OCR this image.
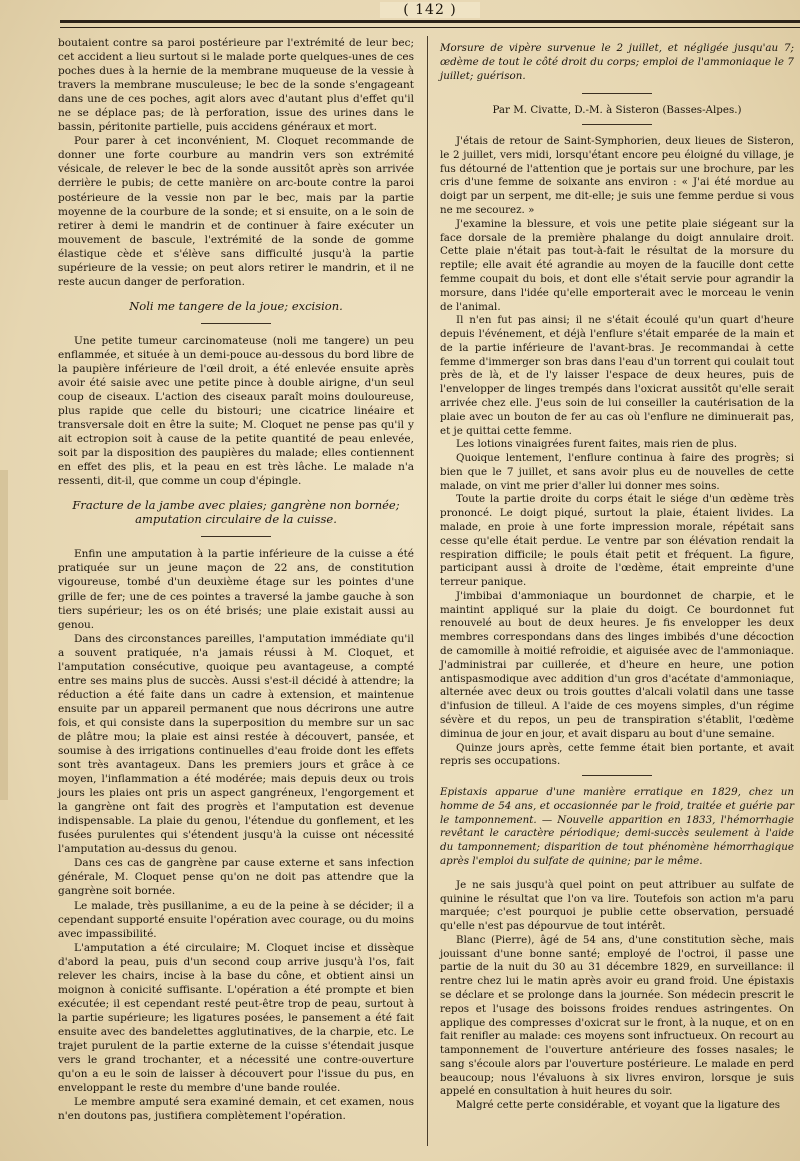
( 142 )

boutaient contre sa paroi postérieure par l'extrémité de leur bec; cet accident a lieu surtout si le malade porte quelques-unes de ces poches dues à la hernie de la membrane muqueuse de la vessie à travers la membrane musculeuse; le bec de la sonde s'engageant dans une de ces poches, agit alors avec d'autant plus d'effet qu'il ne se déplace pas; de là perforation, issue des urines dans le bassin, péritonite partielle, puis accidens généraux et mort.

Pour parer à cet inconvénient, M. Cloquet recommande de donner une forte courbure au mandrin vers son extrémité vésicale, de relever le bec de la sonde aussitôt après son arrivée derrière le pubis; de cette manière on arc-boute contre la paroi postérieure de la vessie non par le bec, mais par la partie moyenne de la courbure de la sonde; et si ensuite, on a le soin de retirer à demi le mandrin et de continuer à faire exécuter un mouvement de bascule, l'extrémité de la sonde de gomme élastique cède et s'élève sans difficulté jusqu'à la partie supérieure de la vessie; on peut alors retirer le mandrin, et il ne reste aucun danger de perforation.

Noli me tangere de la joue; excision.

Une petite tumeur carcinomateuse (noli me tangere) un peu enflammée, et située à un demi-pouce au-dessous du bord libre de la paupière inférieure de l'œil droit, a été enlevée ensuite après avoir été saisie avec une petite pince à double airigne, d'un seul coup de ciseaux. L'action des ciseaux paraît moins douloureuse, plus rapide que celle du bistouri; une cicatrice linéaire et transversale doit en être la suite; M. Cloquet ne pense pas qu'il y ait ectropion soit à cause de la petite quantité de peau enlevée, soit par la disposition des paupières du malade; elles contiennent en effet des plis, et la peau en est très lâche. Le malade n'a ressenti, dit-il, que comme un coup d'épingle.

Fracture de la jambe avec plaies; gangrène non bornée; amputation circulaire de la cuisse.

Enfin une amputation à la partie inférieure de la cuisse a été pratiquée sur un jeune maçon de 22 ans, de constitution vigoureuse, tombé d'un deuxième étage sur les pointes d'une grille de fer; une de ces pointes a traversé la jambe gauche à son tiers supérieur; les os on été brisés; une plaie existait aussi au genou.

Dans des circonstances pareilles, l'amputation immédiate qu'il a souvent pratiquée, n'a jamais réussi à M. Cloquet, et l'amputation consécutive, quoique peu avantageuse, a compté entre ses mains plus de succès. Aussi s'est-il décidé à attendre; la réduction a été faite dans un cadre à extension, et maintenue ensuite par un appareil permanent que nous décrirons une autre fois, et qui consiste dans la superposition du membre sur un sac de plâtre mou; la plaie est ainsi restée à découvert, pansée, et soumise à des irrigations continuelles d'eau froide dont les effets sont très avantageux. Dans les premiers jours et grâce à ce moyen, l'inflammation a été modérée; mais depuis deux ou trois jours les plaies ont pris un aspect gangréneux, l'engorgement et la gangrène ont fait des progrès et l'amputation est devenue indispensable. La plaie du genou, l'étendue du gonflement, et les fusées purulentes qui s'étendent jusqu'à la cuisse ont nécessité l'amputation au-dessus du genou.

Dans ces cas de gangrène par cause externe et sans infection générale, M. Cloquet pense qu'on ne doit pas attendre que la gangrène soit bornée.

Le malade, très pusillanime, a eu de la peine à se décider; il a cependant supporté ensuite l'opération avec courage, ou du moins avec impassibilité.

L'amputation a été circulaire; M. Cloquet incise et dissèque d'abord la peau, puis d'un second coup arrive jusqu'à l'os, fait relever les chairs, incise à la base du cône, et obtient ainsi un moignon à conicité suffisante. L'opération a été prompte et bien exécutée; il est cependant resté peut-être trop de peau, surtout à la partie supérieure; les ligatures posées, le pansement a été fait ensuite avec des bandelettes agglutinatives, de la charpie, etc. Le trajet purulent de la partie externe de la cuisse s'étendait jusque vers le grand trochanter, et a nécessité une contre-ouverture qu'on a eu le soin de laisser à découvert pour l'issue du pus, en enveloppant le reste du membre d'une bande roulée.

Le membre amputé sera examiné demain, et cet examen, nous n'en doutons pas, justifiera complètement l'opération.

Morsure de vipère survenue le 2 juillet, et négligée jusqu'au 7; œdème de tout le côté droit du corps; emploi de l'ammoniaque le 7 juillet; guérison.

Par M. Civatte, D.-M. à Sisteron (Basses-Alpes.)

J'étais de retour de Saint-Symphorien, deux lieues de Sisteron, le 2 juillet, vers midi, lorsqu'étant encore peu éloigné du village, je fus détourné de l'attention que je portais sur une brochure, par les cris d'une femme de soixante ans environ : « J'ai été mordue au doigt par un serpent, me dit-elle; je suis une femme perdue si vous ne me secourez. »

J'examine la blessure, et vois une petite plaie siégeant sur la face dorsale de la première phalange du doigt annulaire droit. Cette plaie n'était pas tout-à-fait le résultat de la morsure du reptile; elle avait été agrandie au moyen de la faucille dont cette femme coupait du bois, et dont elle s'était servie pour agrandir la morsure, dans l'idée qu'elle emporterait avec le morceau le venin de l'animal.

Il n'en fut pas ainsi; il ne s'était écoulé qu'un quart d'heure depuis l'événement, et déjà l'enflure s'était emparée de la main et de la partie inférieure de l'avant-bras. Je recommandai à cette femme d'immerger son bras dans l'eau d'un torrent qui coulait tout près de là, et de l'y laisser l'espace de deux heures, puis de l'envelopper de linges trempés dans l'oxicrat aussitôt qu'elle serait arrivée chez elle. J'eus soin de lui conseiller la cautérisation de la plaie avec un bouton de fer au cas où l'enflure ne diminuerait pas, et je quittai cette femme.

Les lotions vinaigrées furent faites, mais rien de plus.

Quoique lentement, l'enflure continua à faire des progrès; si bien que le 7 juillet, et sans avoir plus eu de nouvelles de cette malade, on vint me prier d'aller lui donner mes soins.

Toute la partie droite du corps était le siége d'un œdème très prononcé. Le doigt piqué, surtout la plaie, étaient livides. La malade, en proie à une forte impression morale, répétait sans cesse qu'elle était perdue. Le ventre par son élévation rendait la respiration difficile; le pouls était petit et fréquent. La figure, participant aussi à droite de l'œdème, était empreinte d'une terreur panique.

J'imbibai d'ammoniaque un bourdonnet de charpie, et le maintint appliqué sur la plaie du doigt. Ce bourdonnet fut renouvelé au bout de deux heures. Je fis envelopper les deux membres correspondans dans des linges imbibés d'une décoction de camomille à moitié refroidie, et aiguisée avec de l'ammoniaque. J'administrai par cuillerée, et d'heure en heure, une potion antispasmodique avec addition d'un gros d'acétate d'ammoniaque, alternée avec deux ou trois gouttes d'alcali volatil dans une tasse d'infusion de tilleul. A l'aide de ces moyens simples, d'un régime sévère et du repos, un peu de transpiration s'établit, l'œdème diminua de jour en jour, et avait disparu au bout d'une semaine.

Quinze jours après, cette femme était bien portante, et avait repris ses occupations.

Epistaxis apparue d'une manière erratique en 1829, chez un homme de 54 ans, et occasionnée par le froid, traitée et guérie par le tamponnement. — Nouvelle apparition en 1833, l'hémorrhagie revêtant le caractère périodique; demi-succès seulement à l'aide du tamponnement; disparition de tout phénomène hémorrhagique après l'emploi du sulfate de quinine; par le même.

Je ne sais jusqu'à quel point on peut attribuer au sulfate de quinine le résultat que l'on va lire. Toutefois son action m'a paru marquée; c'est pourquoi je publie cette observation, persuadé qu'elle n'est pas dépourvue de tout intérêt.

Blanc (Pierre), âgé de 54 ans, d'une constitution sèche, mais jouissant d'une bonne santé; employé de l'octroi, il passe une partie de la nuit du 30 au 31 décembre 1829, en surveillance: il rentre chez lui le matin après avoir eu grand froid. Une épistaxis se déclare et se prolonge dans la journée. Son médecin prescrit le repos et l'usage des boissons froides rendues astringentes. On applique des compresses d'oxicrat sur le front, à la nuque, et on en fait renifler au malade: ces moyens sont infructueux. On recourt au tamponnement de l'ouverture antérieure des fosses nasales; le sang s'écoule alors par l'ouverture postérieure. Le malade en perd beaucoup; nous l'évaluons à six livres environ, lorsque je suis appelé en consultation à huit heures du soir.

Malgré cette perte considérable, et voyant que la ligature des
